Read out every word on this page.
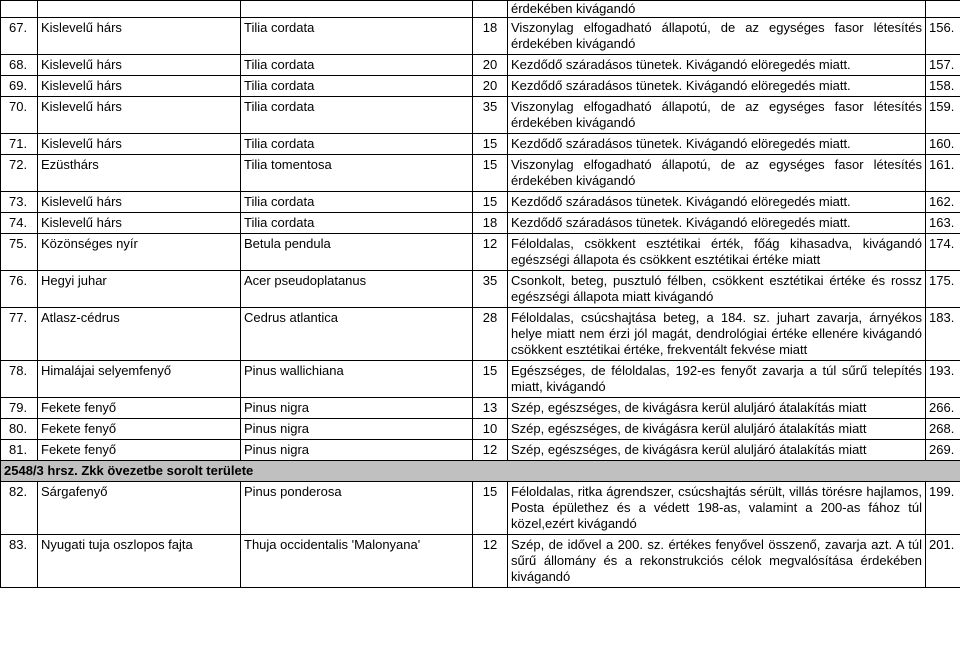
				érdekében kivágandó	
67.	Kislevelű hárs	Tilia cordata	18	Viszonylag elfogadható állapotú, de az egységes fasor létesítés érdekében kivágandó	156.
68.	Kislevelű hárs	Tilia cordata	20	Kezdődő száradásos tünetek. Kivágandó elöregedés miatt.	157.
69.	Kislevelű hárs	Tilia cordata	20	Kezdődő száradásos tünetek. Kivágandó elöregedés miatt.	158.
70.	Kislevelű hárs	Tilia cordata	35	Viszonylag elfogadható állapotú, de az egységes fasor létesítés érdekében kivágandó	159.
71.	Kislevelű hárs	Tilia cordata	15	Kezdődő száradásos tünetek. Kivágandó elöregedés miatt.	160.
72.	Ezüsthárs	Tilia tomentosa	15	Viszonylag elfogadható állapotú, de az egységes fasor létesítés érdekében kivágandó	161.
73.	Kislevelű hárs	Tilia cordata	15	Kezdődő száradásos tünetek. Kivágandó elöregedés miatt.	162.
74.	Kislevelű hárs	Tilia cordata	18	Kezdődő száradásos tünetek. Kivágandó elöregedés miatt.	163.
75.	Közönséges nyír	Betula pendula	12	Féloldalas, csökkent esztétikai érték, főág kihasadva, kivágandó egészségi állapota és csökkent esztétikai értéke miatt	174.
76.	Hegyi juhar	Acer pseudoplatanus	35	Csonkolt, beteg, pusztuló félben, csökkent esztétikai értéke és rossz egészségi állapota miatt kivágandó	175.
77.	Atlasz-cédrus	Cedrus atlantica	28	Féloldalas, csúcshajtása beteg, a 184. sz. juhart zavarja, árnyékos helye miatt nem érzi jól magát, dendrológiai értéke ellenére kivágandó csökkent esztétikai értéke, frekventált fekvése miatt	183.
78.	Himalájai selyemfenyő	Pinus wallichiana	15	Egészséges, de féloldalas, 192-es fenyőt zavarja a túl sűrű telepítés miatt, kivágandó	193.
79.	Fekete fenyő	Pinus nigra	13	Szép, egészséges, de kivágásra kerül aluljáró átalakítás miatt	266.
80.	Fekete fenyő	Pinus nigra	10	Szép, egészséges, de kivágásra kerül aluljáró átalakítás miatt	268.
81.	Fekete fenyő	Pinus nigra	12	Szép, egészséges, de kivágásra kerül aluljáró átalakítás miatt	269.
2548/3 hrsz. Zkk övezetbe sorolt területe					
82.	Sárgafenyő	Pinus ponderosa	15	Féloldalas, ritka ágrendszer, csúcshajtás sérült, villás törésre hajlamos, Posta épülethez és a védett 198-as, valamint a 200-as fához túl közel,ezért kivágandó	199.
83.	Nyugati tuja oszlopos fajta	Thuja occidentalis 'Malonyana'	12	Szép, de idővel a 200. sz. értékes fenyővel összenő, zavarja azt. A túl sűrű állomány és a rekonstrukciós célok megvalósítása érdekében kivágandó	201.
